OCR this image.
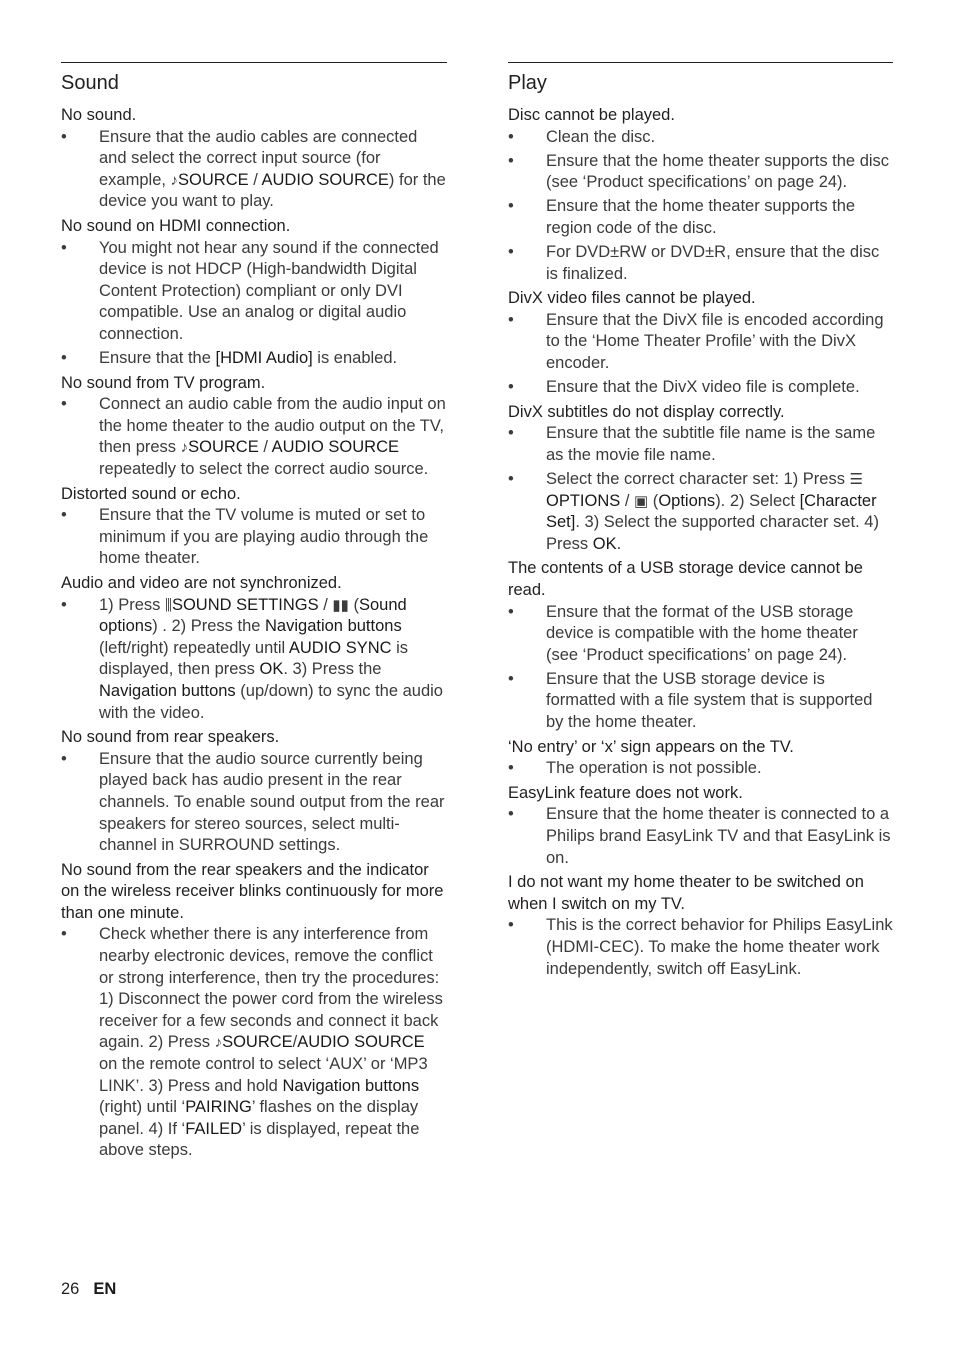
Sound
No sound.
• Ensure that the audio cables are connected and select the correct input source (for example, ♪SOURCE / AUDIO SOURCE) for the device you want to play.
No sound on HDMI connection.
• You might not hear any sound if the connected device is not HDCP (High-bandwidth Digital Content Protection) compliant or only DVI compatible. Use an analog or digital audio connection.
• Ensure that the [HDMI Audio] is enabled.
No sound from TV program.
• Connect an audio cable from the audio input on the home theater to the audio output on the TV, then press ♪SOURCE / AUDIO SOURCE repeatedly to select the correct audio source.
Distorted sound or echo.
• Ensure that the TV volume is muted or set to minimum if you are playing audio through the home theater.
Audio and video are not synchronized.
• 1) Press ⫼SOUND SETTINGS / ▮▮ (Sound options) . 2) Press the Navigation buttons (left/right) repeatedly until AUDIO SYNC is displayed, then press OK. 3) Press the Navigation buttons (up/down) to sync the audio with the video.
No sound from rear speakers.
• Ensure that the audio source currently being played back has audio present in the rear channels. To enable sound output from the rear speakers for stereo sources, select multi-channel in SURROUND settings.
No sound from the rear speakers and the indicator on the wireless receiver blinks continuously for more than one minute.
• Check whether there is any interference from nearby electronic devices, remove the conflict or strong interference, then try the procedures: 1) Disconnect the power cord from the wireless receiver for a few seconds and connect it back again. 2) Press ♪SOURCE/AUDIO SOURCE on the remote control to select ‘AUX’ or ‘MP3 LINK’. 3) Press and hold Navigation buttons (right) until ‘PAIRING’ flashes on the display panel. 4) If ‘FAILED’ is displayed, repeat the above steps.
Play
Disc cannot be played.
• Clean the disc.
• Ensure that the home theater supports the disc (see ‘Product specifications’ on page 24).
• Ensure that the home theater supports the region code of the disc.
• For DVD±RW or DVD±R, ensure that the disc is finalized.
DivX video files cannot be played.
• Ensure that the DivX file is encoded according to the ‘Home Theater Profile’ with the DivX encoder.
• Ensure that the DivX video file is complete.
DivX subtitles do not display correctly.
• Ensure that the subtitle file name is the same as the movie file name.
• Select the correct character set: 1) Press ☰OPTIONS / ▣ (Options). 2) Select [Character Set]. 3) Select the supported character set. 4) Press OK.
The contents of a USB storage device cannot be read.
• Ensure that the format of the USB storage device is compatible with the home theater (see ‘Product specifications’ on page 24).
• Ensure that the USB storage device is formatted with a file system that is supported by the home theater.
‘No entry’ or ‘x’ sign appears on the TV.
• The operation is not possible.
EasyLink feature does not work.
• Ensure that the home theater is connected to a Philips brand EasyLink TV and that EasyLink is on.
I do not want my home theater to be switched on when I switch on my TV.
• This is the correct behavior for Philips EasyLink (HDMI-CEC). To make the home theater work independently, switch off EasyLink.
26 EN
